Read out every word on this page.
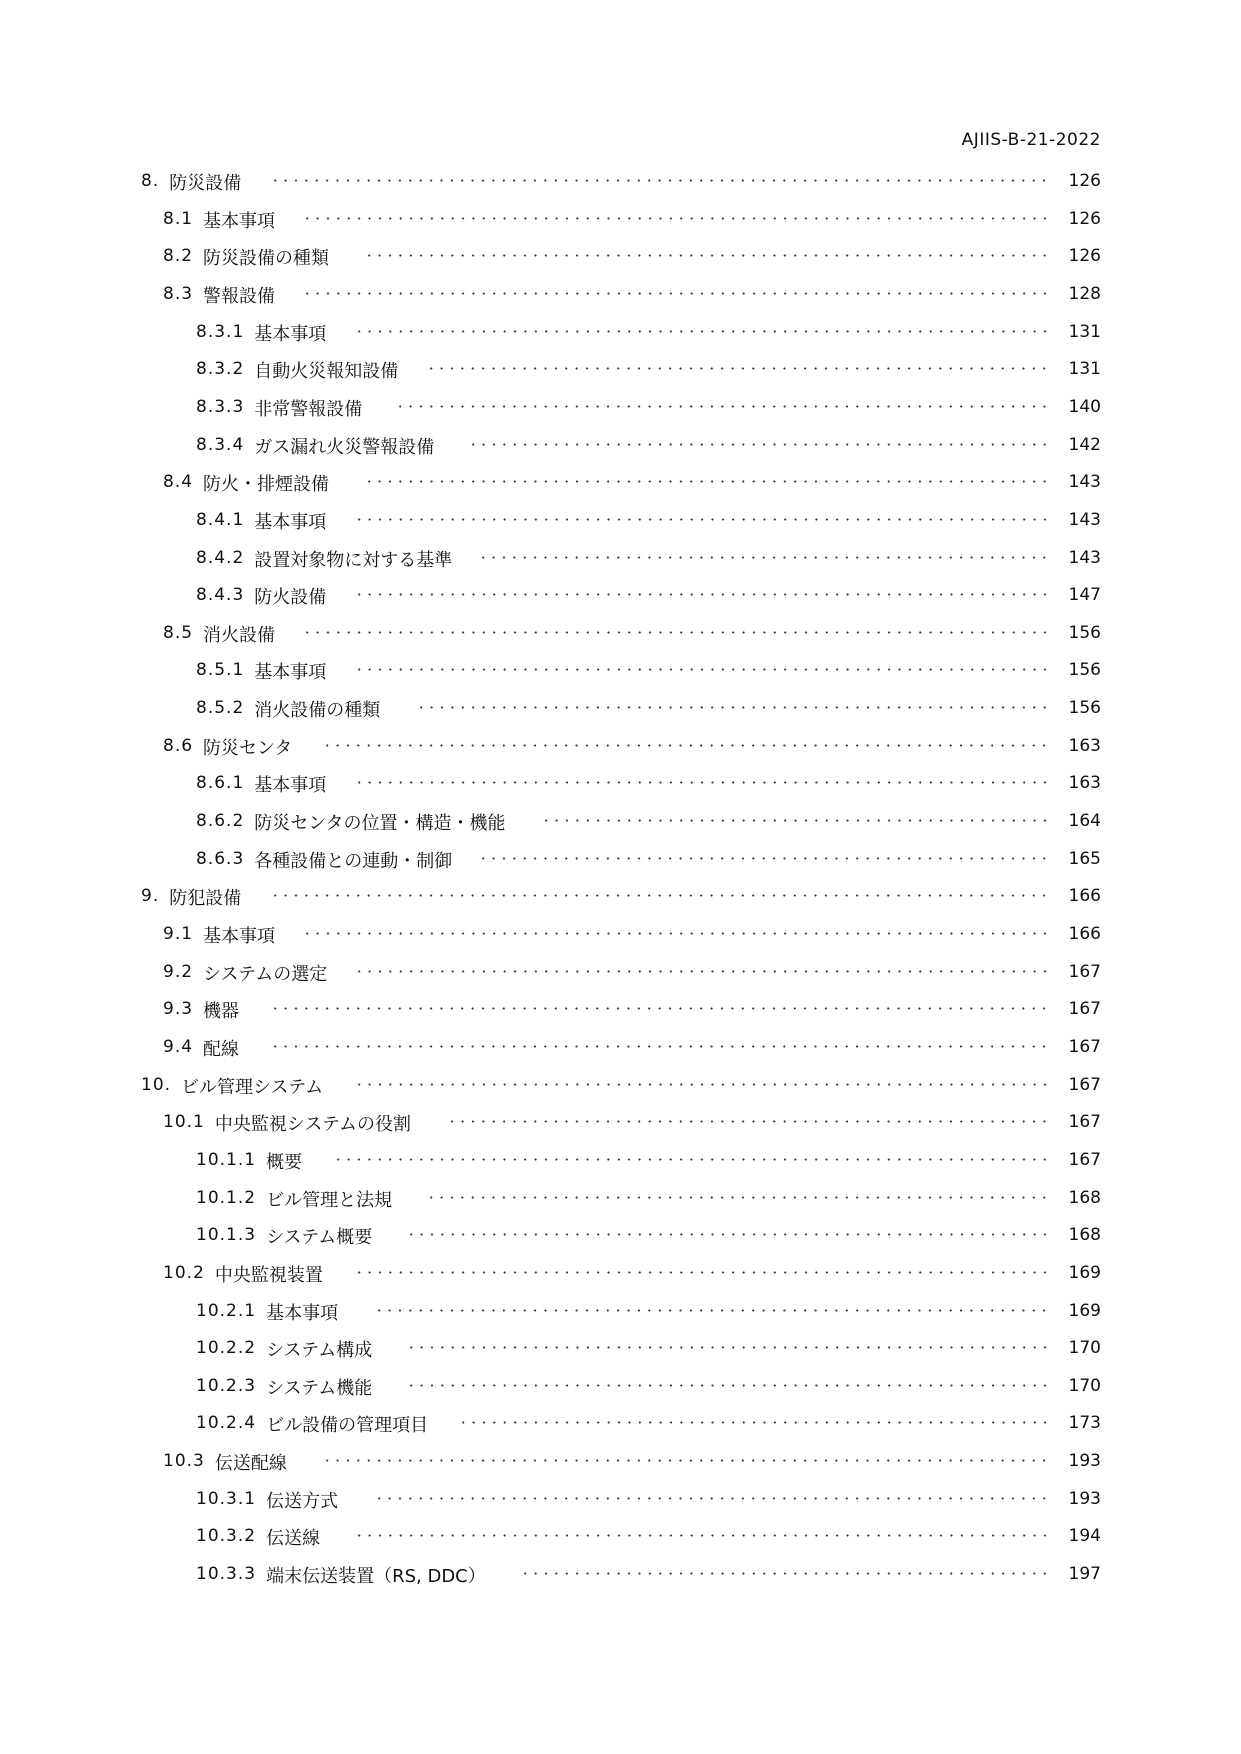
AJIIS-B-21-2022
8. 防災設備	126
8.1 基本事項	126
8.2 防災設備の種類	126
8.3 警報設備	128
8.3.1 基本事項	131
8.3.2 自動火災報知設備	131
8.3.3 非常警報設備	140
8.3.4 ガス漏れ火災警報設備	142
8.4 防火・排煙設備	143
8.4.1 基本事項	143
8.4.2 設置対象物に対する基準	143
8.4.3 防火設備	147
8.5 消火設備	156
8.5.1 基本事項	156
8.5.2 消火設備の種類	156
8.6 防災センタ	163
8.6.1 基本事項	163
8.6.2 防災センタの位置・構造・機能	164
8.6.3 各種設備との連動・制御	165
9. 防犯設備	166
9.1 基本事項	166
9.2 システムの選定	167
9.3 機器	167
9.4 配線	167
10. ビル管理システム	167
10.1 中央監視システムの役割	167
10.1.1 概要	167
10.1.2 ビル管理と法規	168
10.1.3 システム概要	168
10.2 中央監視装置	169
10.2.1 基本事項	169
10.2.2 システム構成	170
10.2.3 システム機能	170
10.2.4 ビル設備の管理項目	173
10.3 伝送配線	193
10.3.1 伝送方式	193
10.3.2 伝送線	194
10.3.3 端末伝送装置（RS, DDC）	197
